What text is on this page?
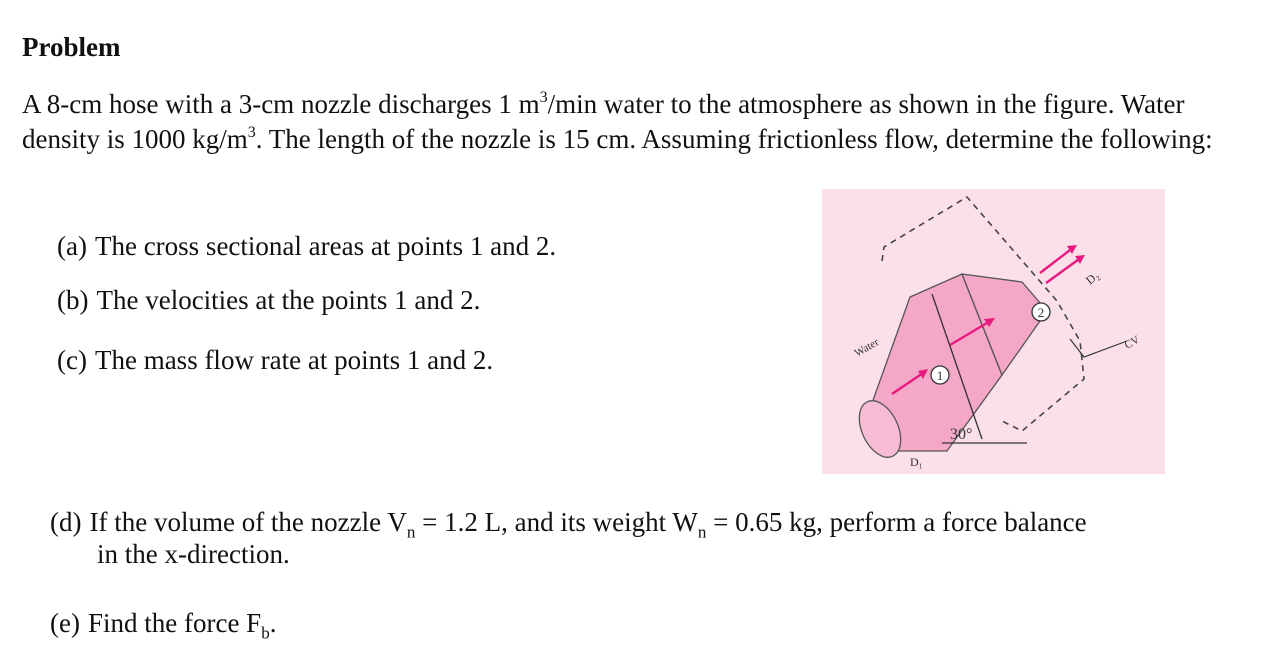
Problem
A 8-cm hose with a 3-cm nozzle discharges 1 $m^3/\min$ water to the atmosphere as shown in the figure. Water density is 1000 $kg/m^3$. The length of the nozzle is 15 cm. Assuming frictionless flow, determine the following:
(a) The cross sectional areas at points 1 and 2.
(b) The velocities at the points 1 and 2.
(c) The mass flow rate at points 1 and 2.
(d) If the volume of the nozzle $V_n = 1.2$ L, and its weight $W_n = 0.65$ kg, perform a force balance
in the x-direction.
(e) Find the force $F_b$.
1
2
Water
D₂
D₁
30°
CV
